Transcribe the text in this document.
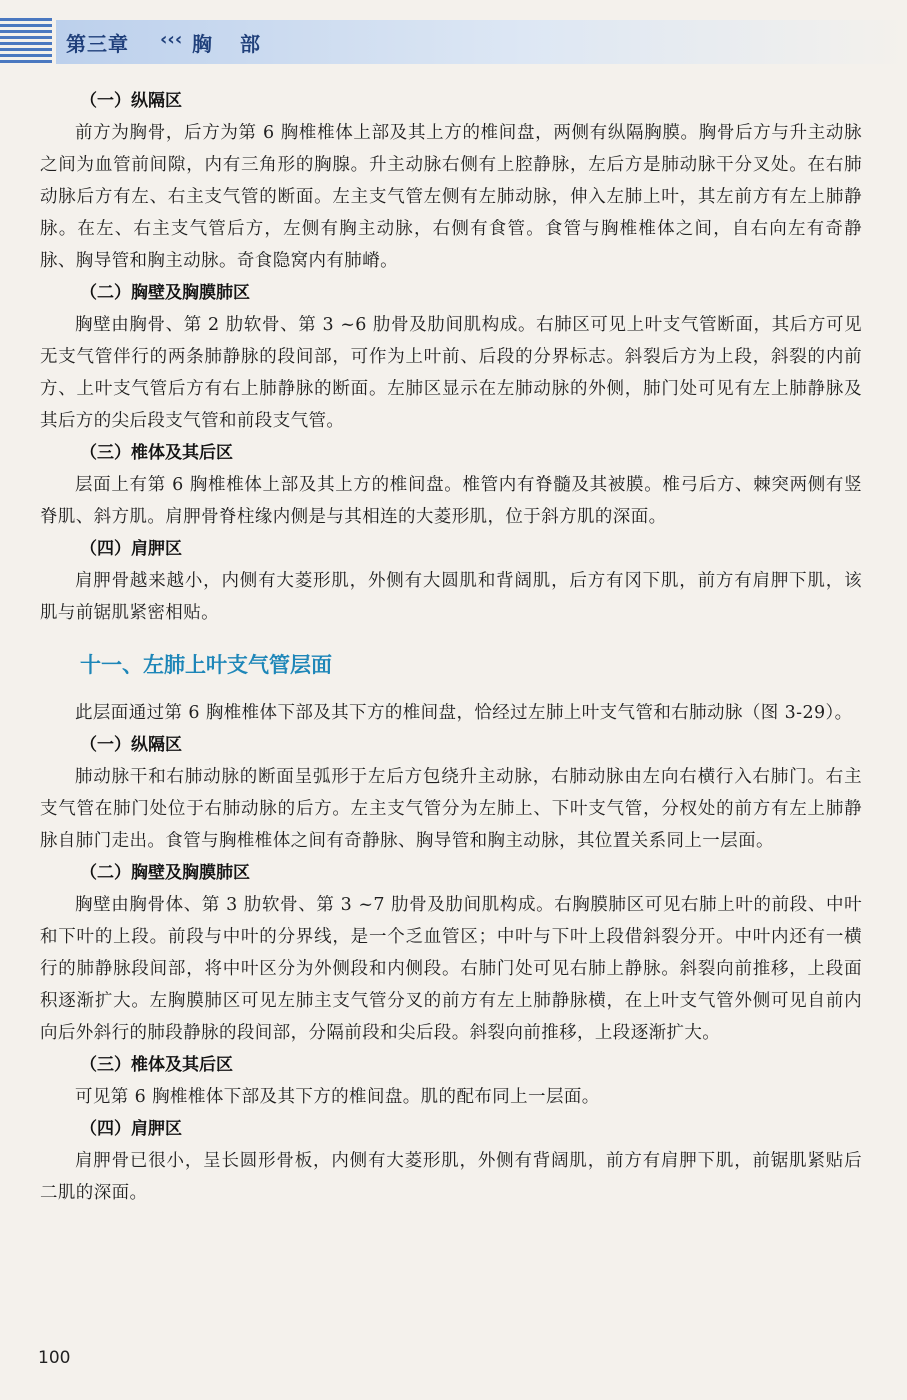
第三章 ‹‹‹ 胸部
（一）纵隔区

前方为胸骨，后方为第 6 胸椎椎体上部及其上方的椎间盘，两侧有纵隔胸膜。胸骨后方与升主动脉之间为血管前间隙，内有三角形的胸腺。升主动脉右侧有上腔静脉，左后方是肺动脉干分叉处。在右肺动脉后方有左、右主支气管的断面。左主支气管左侧有左肺动脉，伸入左肺上叶，其左前方有左上肺静脉。在左、右主支气管后方，左侧有胸主动脉，右侧有食管。食管与胸椎椎体之间，自右向左有奇静脉、胸导管和胸主动脉。奇食隐窝内有肺嵴。

（二）胸壁及胸膜肺区

胸壁由胸骨、第 2 肋软骨、第 3 ~6 肋骨及肋间肌构成。右肺区可见上叶支气管断面，其后方可见无支气管伴行的两条肺静脉的段间部，可作为上叶前、后段的分界标志。斜裂后方为上段，斜裂的内前方、上叶支气管后方有右上肺静脉的断面。左肺区显示在左肺动脉的外侧，肺门处可见有左上肺静脉及其后方的尖后段支气管和前段支气管。

（三）椎体及其后区

层面上有第 6 胸椎椎体上部及其上方的椎间盘。椎管内有脊髓及其被膜。椎弓后方、棘突两侧有竖脊肌、斜方肌。肩胛骨脊柱缘内侧是与其相连的大菱形肌，位于斜方肌的深面。

（四）肩胛区

肩胛骨越来越小，内侧有大菱形肌，外侧有大圆肌和背阔肌，后方有冈下肌，前方有肩胛下肌，该肌与前锯肌紧密相贴。

十一、左肺上叶支气管层面

此层面通过第 6 胸椎椎体下部及其下方的椎间盘，恰经过左肺上叶支气管和右肺动脉（图 3-29）。

（一）纵隔区

肺动脉干和右肺动脉的断面呈弧形于左后方包绕升主动脉，右肺动脉由左向右横行入右肺门。右主支气管在肺门处位于右肺动脉的后方。左主支气管分为左肺上、下叶支气管，分杈处的前方有左上肺静脉自肺门走出。食管与胸椎椎体之间有奇静脉、胸导管和胸主动脉，其位置关系同上一层面。

（二）胸壁及胸膜肺区

胸壁由胸骨体、第 3 肋软骨、第 3 ~7 肋骨及肋间肌构成。右胸膜肺区可见右肺上叶的前段、中叶和下叶的上段。前段与中叶的分界线，是一个乏血管区；中叶与下叶上段借斜裂分开。中叶内还有一横行的肺静脉段间部，将中叶区分为外侧段和内侧段。右肺门处可见右肺上静脉。斜裂向前推移，上段面积逐渐扩大。左胸膜肺区可见左肺主支气管分叉的前方有左上肺静脉横，在上叶支气管外侧可见自前内向后外斜行的肺段静脉的段间部，分隔前段和尖后段。斜裂向前推移，上段逐渐扩大。

（三）椎体及其后区

可见第 6 胸椎椎体下部及其下方的椎间盘。肌的配布同上一层面。

（四）肩胛区

肩胛骨已很小，呈长圆形骨板，内侧有大菱形肌，外侧有背阔肌，前方有肩胛下肌，前锯肌紧贴后二肌的深面。

100
